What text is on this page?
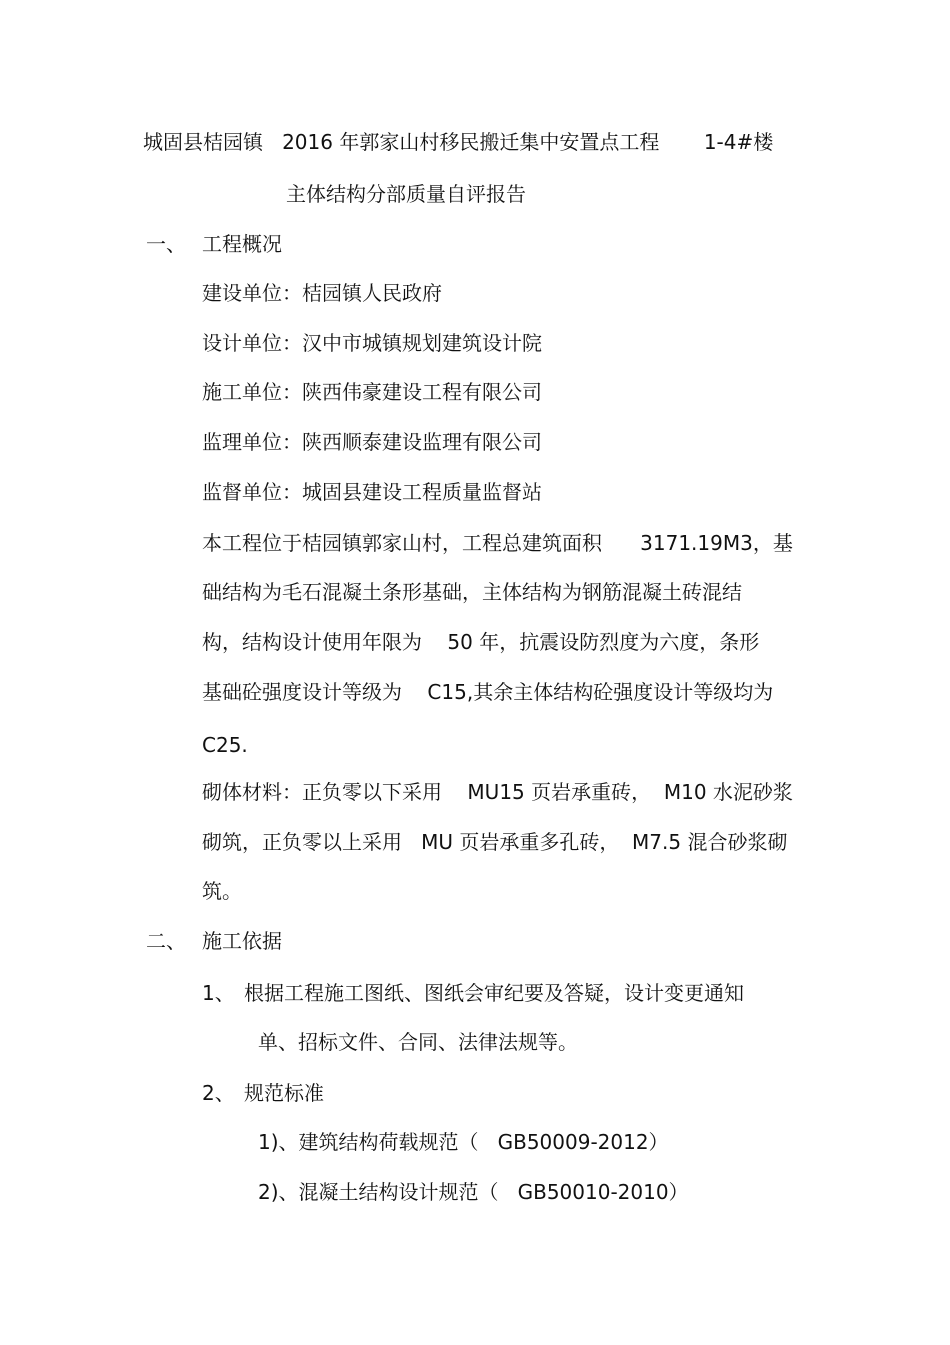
城固县桔园镇   2016 年郭家山村移民搬迁集中安置点工程       1-4#楼

主体结构分部质量自评报告

一、 工程概况

建设单位：桔园镇人民政府

设计单位：汉中市城镇规划建筑设计院

施工单位：陕西伟豪建设工程有限公司

监理单位：陕西顺泰建设监理有限公司

监督单位：城固县建设工程质量监督站

本工程位于桔园镇郭家山村，工程总建筑面积      3171.19M3，基

础结构为毛石混凝土条形基础，主体结构为钢筋混凝土砖混结

构，结构设计使用年限为    50 年，抗震设防烈度为六度，条形

基础砼强度设计等级为    C15,其余主体结构砼强度设计等级均为

C25.

砌体材料：正负零以下采用    MU15 页岩承重砖，  M10 水泥砂浆

砌筑，正负零以上采用   MU 页岩承重多孔砖，  M7.5 混合砂浆砌

筑。

二、 施工依据

1、 根据工程施工图纸、图纸会审纪要及答疑，设计变更通知

单、招标文件、合同、法律法规等。

2、 规范标准

1)、建筑结构荷载规范（   GB50009-2012）

2)、混凝土结构设计规范（   GB50010-2010）
